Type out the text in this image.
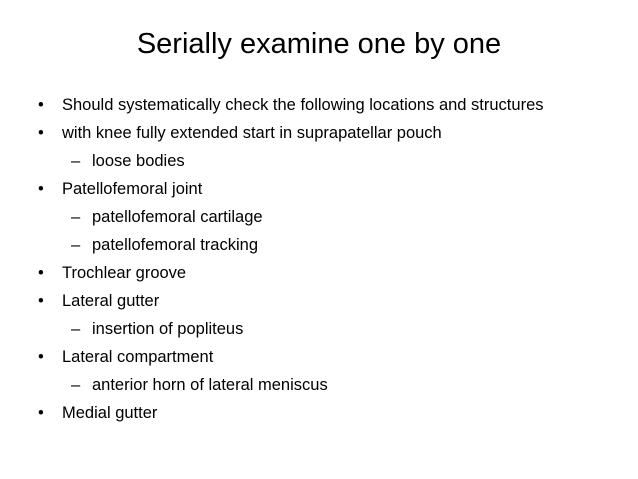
Serially examine one by one
• Should systematically check the following locations and structures
• with knee fully extended start in suprapatellar pouch
– loose bodies
• Patellofemoral joint
– patellofemoral cartilage
– patellofemoral tracking
• Trochlear groove
• Lateral gutter
– insertion of popliteus
• Lateral compartment
– anterior horn of lateral meniscus
• Medial gutter
